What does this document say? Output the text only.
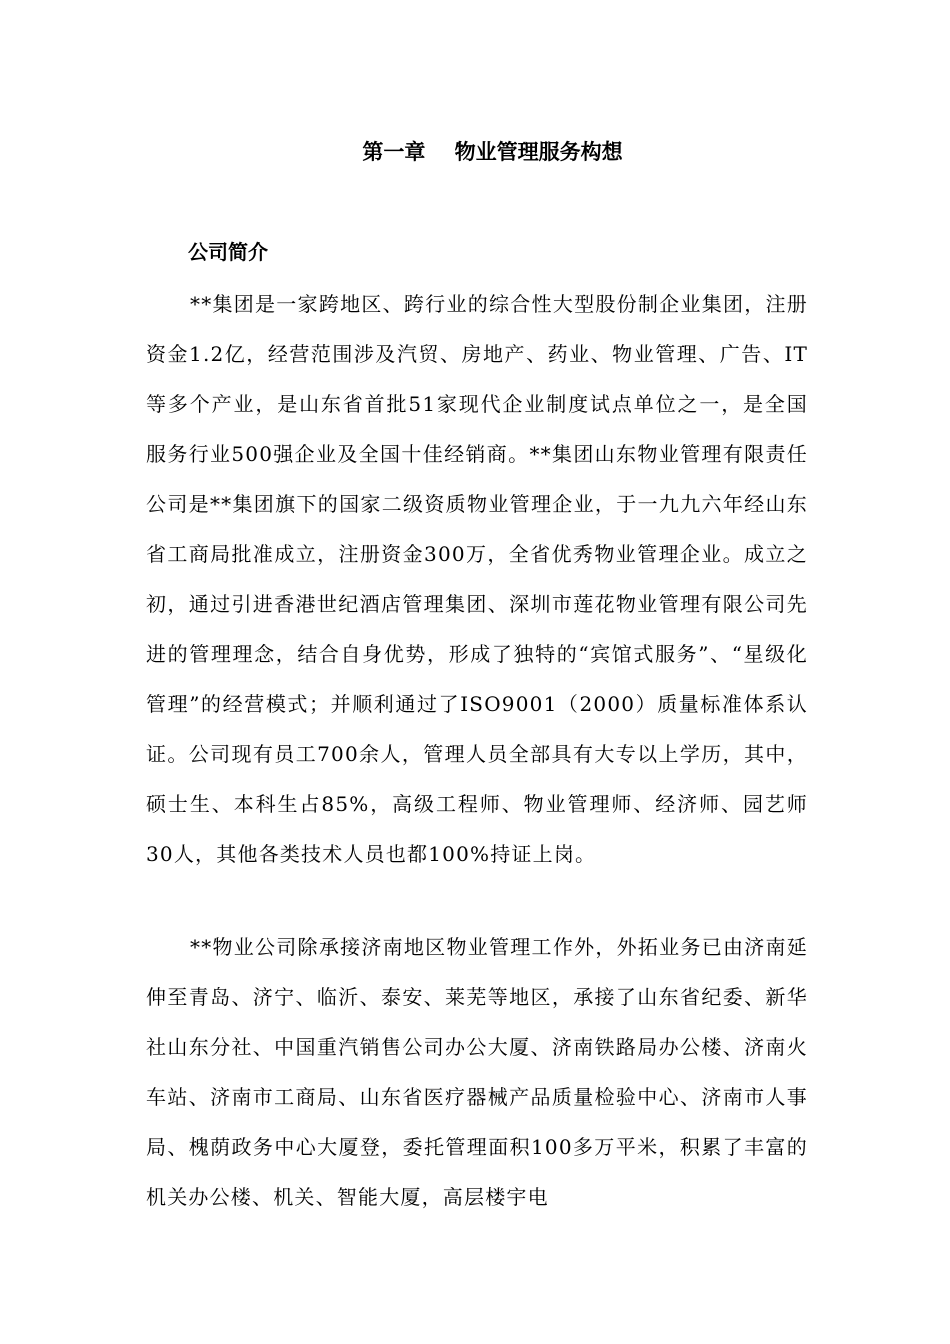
第一章    物业管理服务构想
公司简介

**集团是一家跨地区、跨行业的综合性大型股份制企业集团，注册资金1.2亿，经营范围涉及汽贸、房地产、药业、物业管理、广告、IT等多个产业，是山东省首批51家现代企业制度试点单位之一，是全国服务行业500强企业及全国十佳经销商。**集团山东物业管理有限责任公司是**集团旗下的国家二级资质物业管理企业，于一九九六年经山东省工商局批准成立，注册资金300万，全省优秀物业管理企业。成立之初，通过引进香港世纪酒店管理集团、深圳市莲花物业管理有限公司先进的管理理念，结合自身优势，形成了独特的“宾馆式服务”、“星级化管理”的经营模式；并顺利通过了ISO9001（2000）质量标准体系认证。公司现有员工700余人，管理人员全部具有大专以上学历，其中，硕士生、本科生占85%，高级工程师、物业管理师、经济师、园艺师30人，其他各类技术人员也都100%持证上岗。

**物业公司除承接济南地区物业管理工作外，外拓业务已由济南延伸至青岛、济宁、临沂、泰安、莱芜等地区，承接了山东省纪委、新华社山东分社、中国重汽销售公司办公大厦、济南铁路局办公楼、济南火车站、济南市工商局、山东省医疗器械产品质量检验中心、济南市人事局、槐荫政务中心大厦登，委托管理面积100多万平米，积累了丰富的机关办公楼、机关、智能大厦，高层楼宇电
